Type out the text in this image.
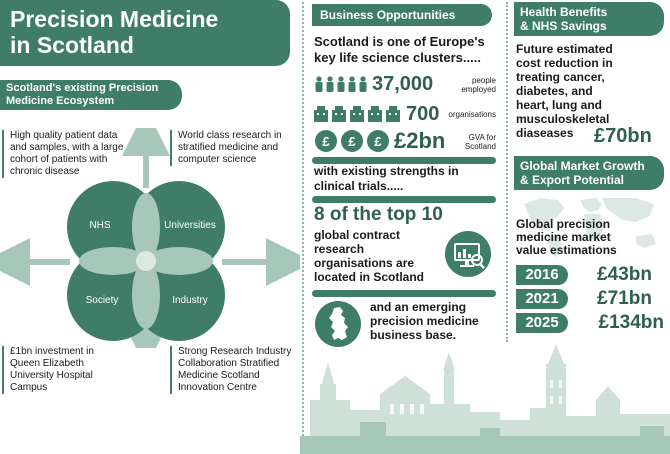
Precision Medicine
in Scotland
Scotland's existing Precision
Medicine Ecosystem
High quality patient data and samples, with a large cohort of patients with chronic disease
World class research in stratified medicine and computer science
£1bn investment in Queen Elizabeth University Hospital Campus
Strong Research Industry Collaboration Stratified Medicine Scotland Innovation Centre
NHS	Universities
Society	Industry
Business Opportunities
Scotland is one of Europe's
key life science clusters.....
37,000	people
employed
700	organisations
£ £ £ £2bn	GVA for
Scotland
with existing strengths in
clinical trials.....
8 of the top 10
global contract
research
organisations are
located in Scotland
and an emerging
precision medicine
business base.
Health Benefits
& NHS Savings
Future estimated
cost reduction in
treating cancer,
diabetes, and
heart, lung and
musculoskeletal
diaseases	£70bn
Global Market Growth
& Export Potential
Global precision
medicine market
value estimations
2016	£43bn
2021	£71bn
2025	£134bn
